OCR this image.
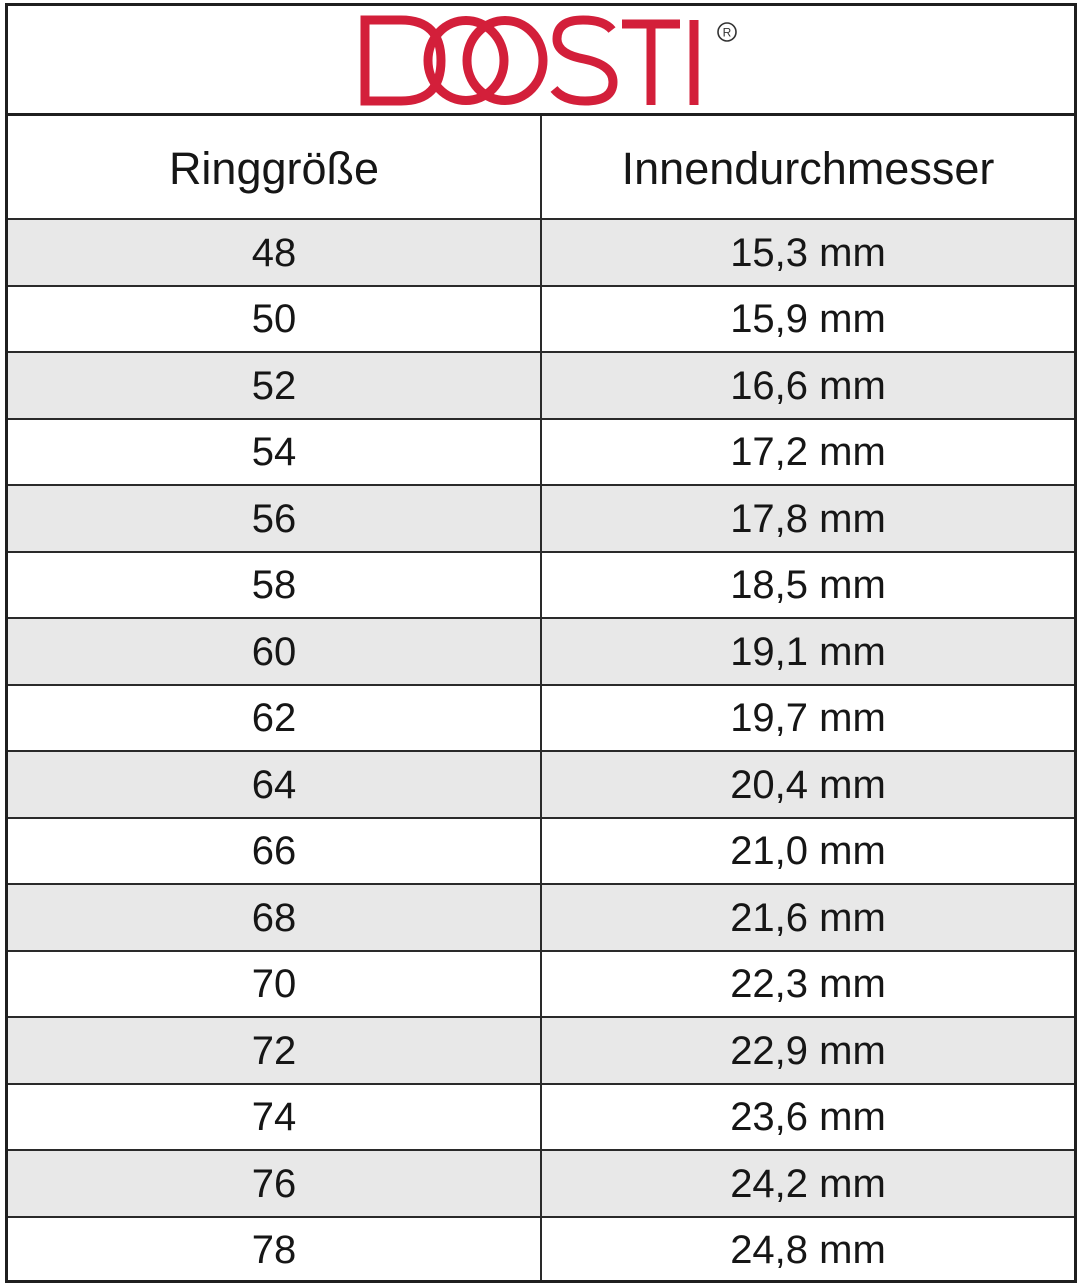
R
Ringgröße	Innendurchmesser
48	15,3 mm
50	15,9 mm
52	16,6 mm
54	17,2 mm
56	17,8 mm
58	18,5 mm
60	19,1 mm
62	19,7 mm
64	20,4 mm
66	21,0 mm
68	21,6 mm
70	22,3 mm
72	22,9 mm
74	23,6 mm
76	24,2 mm
78	24,8 mm
